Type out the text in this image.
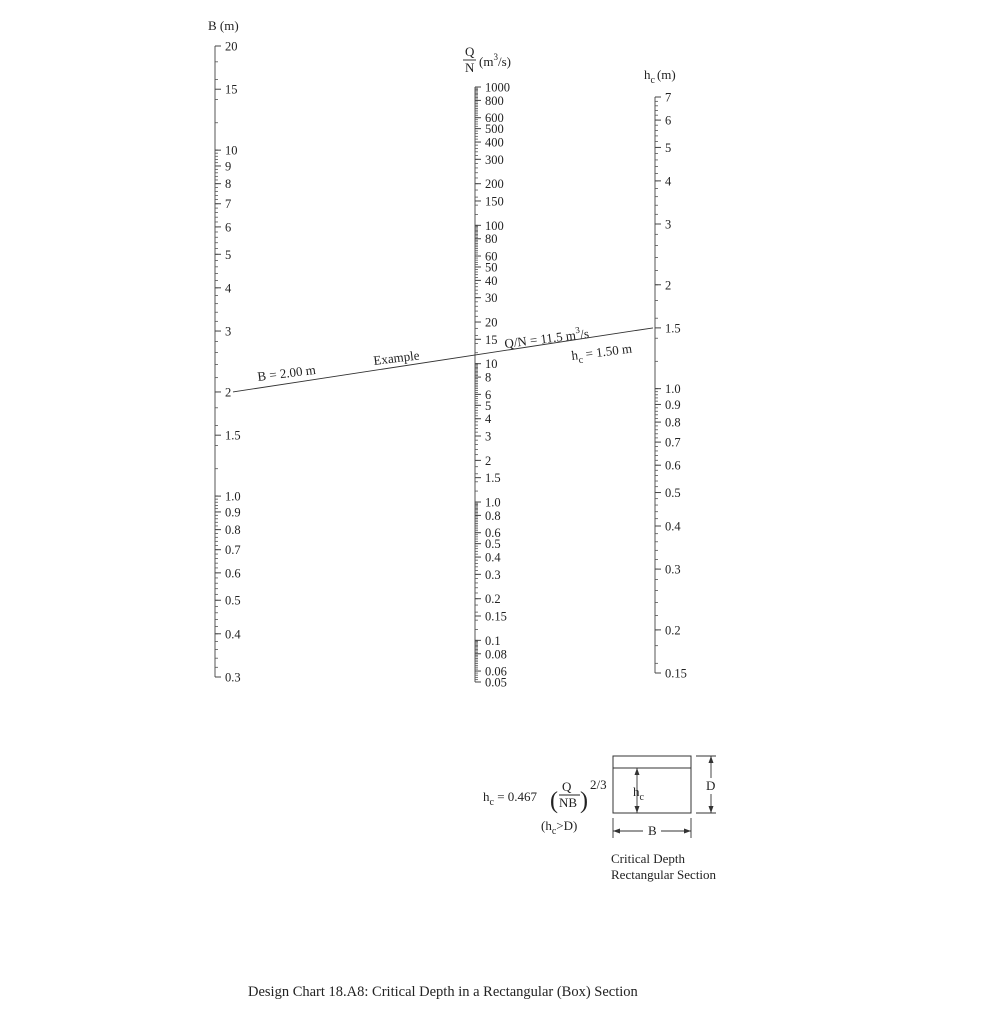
B (m)
Q
N $(m^3/s)$
$h_c$ (m)
20
15
10
9
8
7
6
5
4
3
2
1.5
1.0
0.9
0.8
0.7
0.6
0.5
0.4
0.3
1000
800
600
500
400
300
200
150
100
80
60
50
40
30
20
15
10
8
6
5
4
3
2
1.5
1.0
0.8
0.6
0.5
0.4
0.3
0.2
0.15
0.1
0.08
0.06
0.05
7
6
5
4
3
2
1.5
1.0
0.9
0.8
0.7
0.6
0.5
0.4
0.3
0.2
0.15
B = 2.00 m
Example
Q/N = 11.5 $m^3/s$
$h_c = 1.50$ m
$h_c = 0.467$ (
Q
NB )
2/3
$(h_c>D)$
$h_c$
D
B
Critical Depth
Rectangular Section
Design Chart 18.A8: Critical Depth in a Rectangular (Box) Section
